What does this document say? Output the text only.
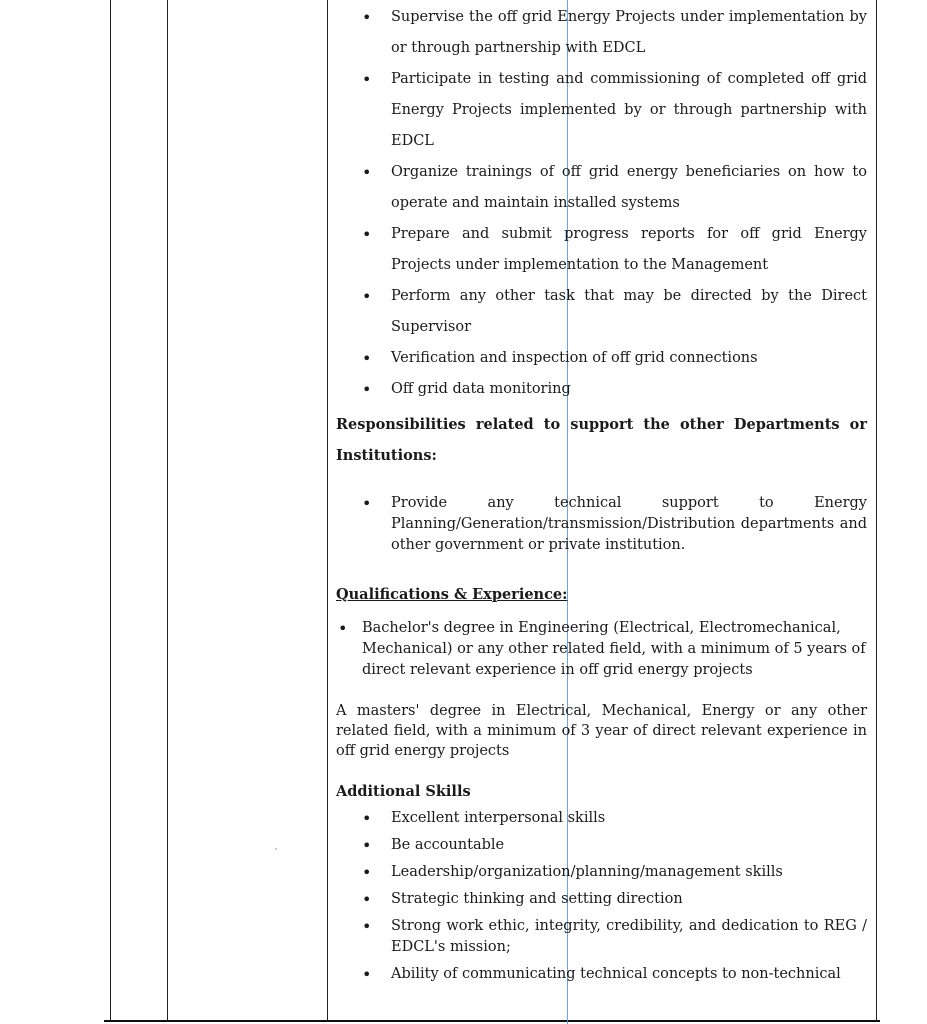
• Supervise the off grid Energy Projects under implementation by or through partnership with EDCL
• Participate in testing and commissioning of completed off grid Energy Projects implemented by or through partnership with EDCL
• Organize trainings of off grid energy beneficiaries on how to operate and maintain installed systems
• Prepare and submit progress reports for off grid Energy Projects under implementation to the Management
• Perform any other task that may be directed by the Direct Supervisor
• Verification and inspection of off grid connections
• Off grid data monitoring
Responsibilities related to support the other Departments or Institutions:
• Provide any technical support to Energy Planning/Generation/transmission/Distribution departments and other government or private institution.
Qualifications & Experience:
• Bachelor's degree in Engineering (Electrical, Electromechanical, Mechanical) or any other related field, with a minimum of 5 years of direct relevant experience in off grid energy projects
A masters' degree in Electrical, Mechanical, Energy or any other related field, with a minimum of 3 year of direct relevant experience in off grid energy projects
Additional Skills
• Excellent interpersonal skills
• Be accountable
• Leadership/organization/planning/management skills
• Strategic thinking and setting direction
• Strong work ethic, integrity, credibility, and dedication to REG / EDCL's mission;
• Ability of communicating technical concepts to non-technical
